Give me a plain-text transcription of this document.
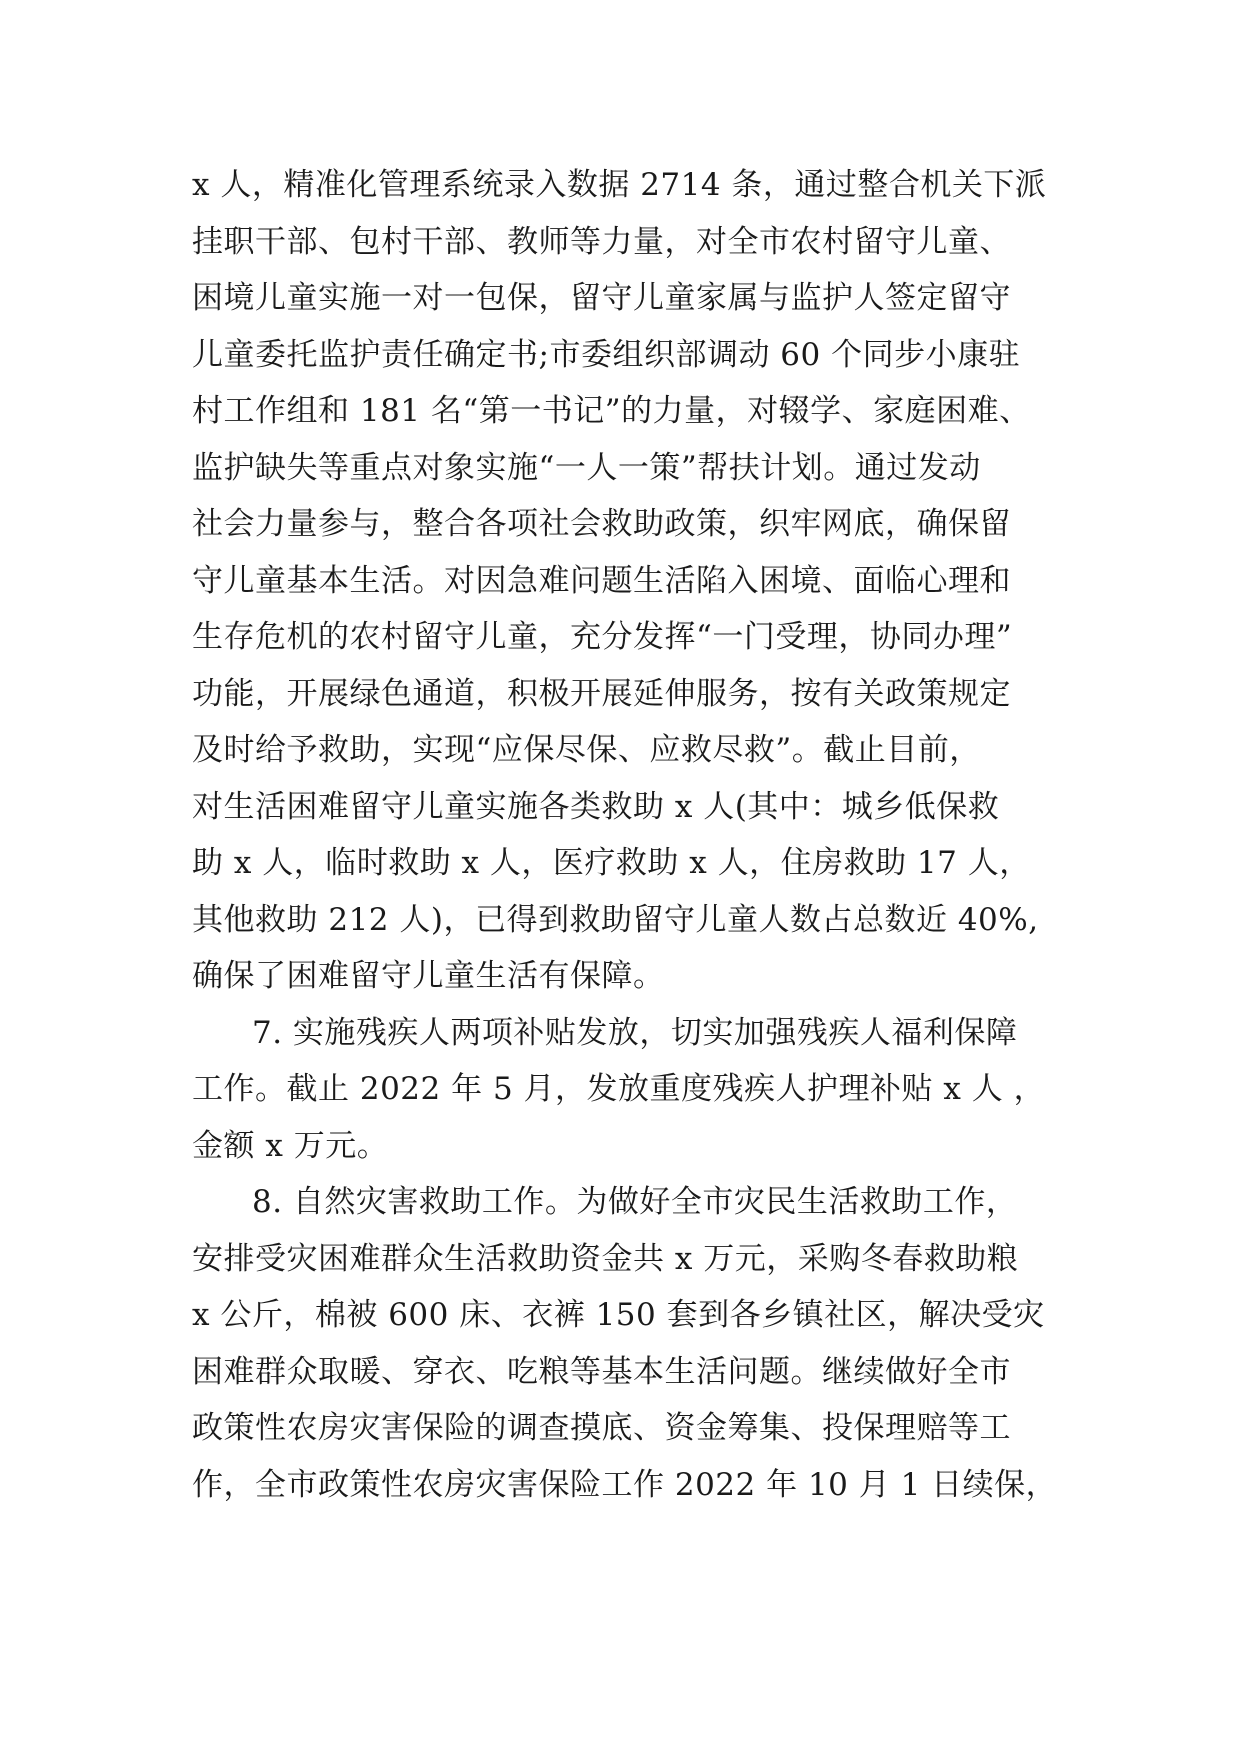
x 人，精准化管理系统录入数据 2714 条，通过整合机关下派
挂职干部、包村干部、教师等力量，对全市农村留守儿童、
困境儿童实施一对一包保，留守儿童家属与监护人签定留守
儿童委托监护责任确定书;市委组织部调动 60 个同步小康驻
村工作组和 181 名“第一书记”的力量，对辍学、家庭困难、
监护缺失等重点对象实施“一人一策”帮扶计划。通过发动
社会力量参与，整合各项社会救助政策，织牢网底，确保留
守儿童基本生活。对因急难问题生活陷入困境、面临心理和
生存危机的农村留守儿童，充分发挥“一门受理，协同办理”
功能，开展绿色通道，积极开展延伸服务，按有关政策规定
及时给予救助，实现“应保尽保、应救尽救”。截止目前，
对生活困难留守儿童实施各类救助 x 人(其中：城乡低保救
助 x 人，临时救助 x 人，医疗救助 x 人，住房救助 17 人，
其他救助 212 人)，已得到救助留守儿童人数占总数近 40%,
确保了困难留守儿童生活有保障。
7. 实施残疾人两项补贴发放，切实加强残疾人福利保障
工作。截止 2022 年 5 月，发放重度残疾人护理补贴 x 人 ，
金额 x 万元。
8. 自然灾害救助工作。为做好全市灾民生活救助工作，
安排受灾困难群众生活救助资金共 x 万元，采购冬春救助粮
x 公斤，棉被 600 床、衣裤 150 套到各乡镇社区，解决受灾
困难群众取暖、穿衣、吃粮等基本生活问题。继续做好全市
政策性农房灾害保险的调查摸底、资金筹集、投保理赔等工
作，全市政策性农房灾害保险工作 2022 年 10 月 1 日续保，
